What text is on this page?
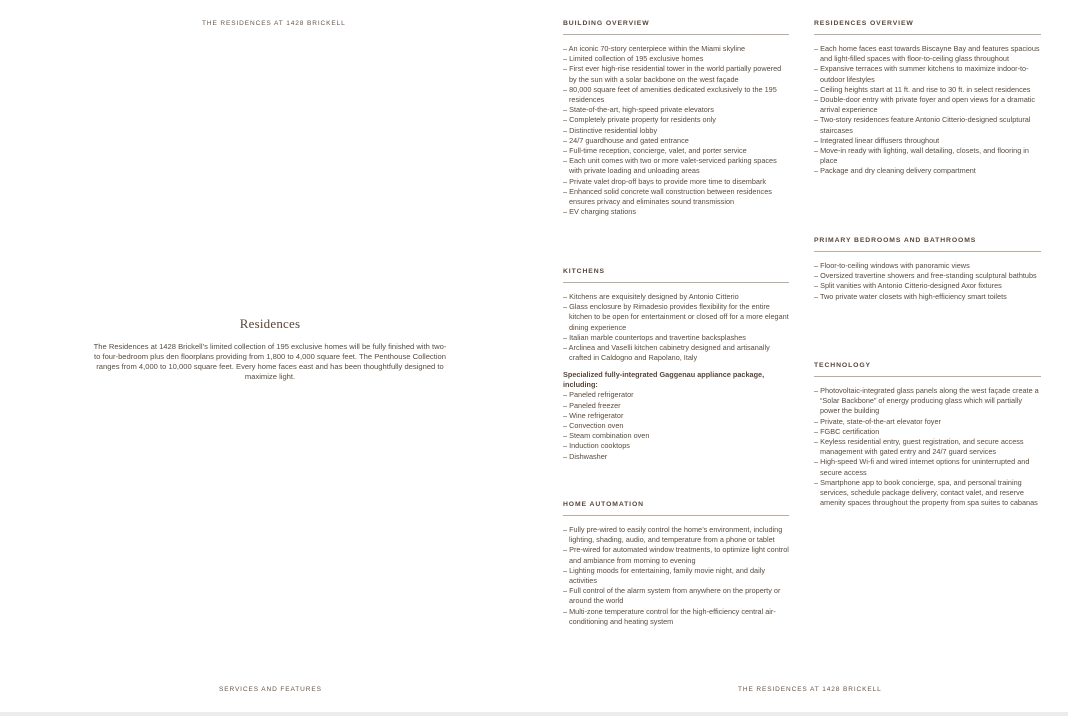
THE RESIDENCES AT 1428 BRICKELL
Residences

The Residences at 1428 Brickell’s limited collection of 195 exclusive homes will be fully finished with two- to four-bedroom plus den floorplans providing from 1,800 to 4,000 square feet. The Penthouse Collection ranges from 4,000 to 10,000 square feet. Every home faces east and has been thoughtfully designed to maximize light.

SERVICES AND FEATURES
BUILDING OVERVIEW
– An iconic 70-story centerpiece within the Miami skyline
– Limited collection of 195 exclusive homes
– First ever high-rise residential tower in the world partially powered by the sun with a solar backbone on the west façade
– 80,000 square feet of amenities dedicated exclusively to the 195 residences
– State-of-the-art, high-speed private elevators
– Completely private property for residents only
– Distinctive residential lobby
– 24/7 guardhouse and gated entrance
– Full-time reception, concierge, valet, and porter service
– Each unit comes with two or more valet-serviced parking spaces with private loading and unloading areas
– Private valet drop-off bays to provide more time to disembark
– Enhanced solid concrete wall construction between residences ensures privacy and eliminates sound transmission
– EV charging stations
KITCHENS
– Kitchens are exquisitely designed by Antonio Citterio
– Glass enclosure by Rimadesio provides flexibility for the entire kitchen to be open for entertainment or closed off for a more elegant dining experience
– Italian marble countertops and travertine backsplashes
– Arclinea and Vaselli kitchen cabinetry designed and artisanally crafted in Caldogno and Rapolano, Italy
Specialized fully-integrated Gaggenau appliance package, including:
– Paneled refrigerator
– Paneled freezer
– Wine refrigerator
– Convection oven
– Steam combination oven
– Induction cooktops
– Dishwasher
HOME AUTOMATION
– Fully pre-wired to easily control the home’s environment, including lighting, shading, audio, and temperature from a phone or tablet
– Pre-wired for automated window treatments, to optimize light control and ambiance from morning to evening
– Lighting moods for entertaining, family movie night, and daily activities
– Full control of the alarm system from anywhere on the property or around the world
– Multi-zone temperature control for the high-efficiency central air-conditioning and heating system
RESIDENCES OVERVIEW
– Each home faces east towards Biscayne Bay and features spacious and light-filled spaces with floor-to-ceiling glass throughout
– Expansive terraces with summer kitchens to maximize indoor-to-outdoor lifestyles
– Ceiling heights start at 11 ft. and rise to 30 ft. in select residences
– Double-door entry with private foyer and open views for a dramatic arrival experience
– Two-story residences feature Antonio Citterio-designed sculptural staircases
– Integrated linear diffusers throughout
– Move-in ready with lighting, wall detailing, closets, and flooring in place
– Package and dry cleaning delivery compartment
PRIMARY BEDROOMS AND BATHROOMS
– Floor-to-ceiling windows with panoramic views
– Oversized travertine showers and free-standing sculptural bathtubs
– Split vanities with Antonio Citterio-designed Axor fixtures
– Two private water closets with high-efficiency smart toilets
TECHNOLOGY
– Photovoltaic-integrated glass panels along the west façade create a “Solar Backbone” of energy producing glass which will partially power the building
– Private, state-of-the-art elevator foyer
– FGBC certification
– Keyless residential entry, guest registration, and secure access management with gated entry and 24/7 guard services
– High-speed Wi-fi and wired internet options for uninterrupted and secure access
– Smartphone app to book concierge, spa, and personal training services, schedule package delivery, contact valet, and reserve amenity spaces throughout the property from spa suites to cabanas
THE RESIDENCES AT 1428 BRICKELL
